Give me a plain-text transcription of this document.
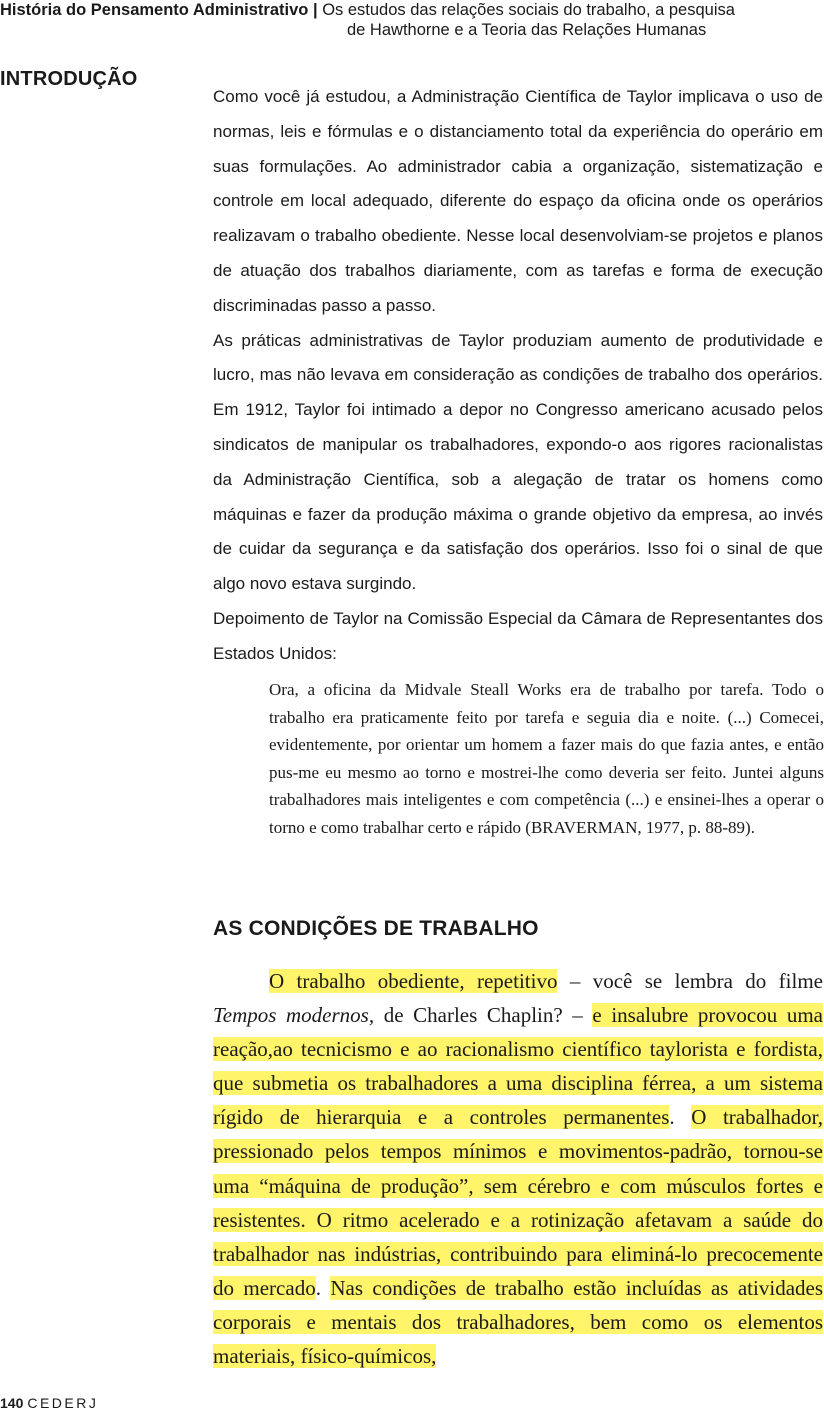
História do Pensamento Administrativo | Os estudos das relações sociais do trabalho, a pesquisa
de Hawthorne e a Teoria das Relações Humanas
INTRODUÇÃO

Como você já estudou, a Administração Científica de Taylor implicava o uso de normas, leis e fórmulas e o distanciamento total da experiência do operário em suas formulações. Ao administrador cabia a organização, sistematização e controle em local adequado, diferente do espaço da oficina onde os operários realizavam o trabalho obediente. Nesse local desenvolviam-se projetos e planos de atuação dos trabalhos diariamente, com as tarefas e forma de execução discriminadas passo a passo.

As práticas administrativas de Taylor produziam aumento de produtividade e lucro, mas não levava em consideração as condições de trabalho dos operários. Em 1912, Taylor foi intimado a depor no Congresso americano acusado pelos sindicatos de manipular os trabalhadores, expondo-o aos rigores racionalistas da Administração Científica, sob a alegação de tratar os homens como máquinas e fazer da produção máxima o grande objetivo da empresa, ao invés de cuidar da segurança e da satisfação dos operários. Isso foi o sinal de que algo novo estava surgindo.

Depoimento de Taylor na Comissão Especial da Câmara de Representantes dos Estados Unidos:

Ora, a oficina da Midvale Steall Works era de trabalho por tarefa. Todo o trabalho era praticamente feito por tarefa e seguia dia e noite. (...) Comecei, evidentemente, por orientar um homem a fazer mais do que fazia antes, e então pus-me eu mesmo ao torno e mostrei-lhe como deveria ser feito. Juntei alguns trabalhadores mais inteligentes e com competência (...) e ensinei-lhes a operar o torno e como trabalhar certo e rápido (BRAVERMAN, 1977, p. 88-89).

AS CONDIÇÕES DE TRABALHO

O trabalho obediente, repetitivo – você se lembra do filme Tempos modernos, de Charles Chaplin? – e insalubre provocou uma reação,ao tecnicismo e ao racionalismo científico taylorista e fordista, que submetia os trabalhadores a uma disciplina férrea, a um sistema rígido de hierarquia e a controles permanentes. O trabalhador, pressionado pelos tempos mínimos e movimentos-padrão, tornou-se uma “máquina de produção”, sem cérebro e com músculos fortes e resistentes. O ritmo acelerado e a rotinização afetavam a saúde do trabalhador nas indústrias, contribuindo para eliminá-lo precocemente do mercado. Nas condições de trabalho estão incluídas as atividades corporais e mentais dos trabalhadores, bem como os elementos materiais, físico-químicos,

140 CEDERJ
